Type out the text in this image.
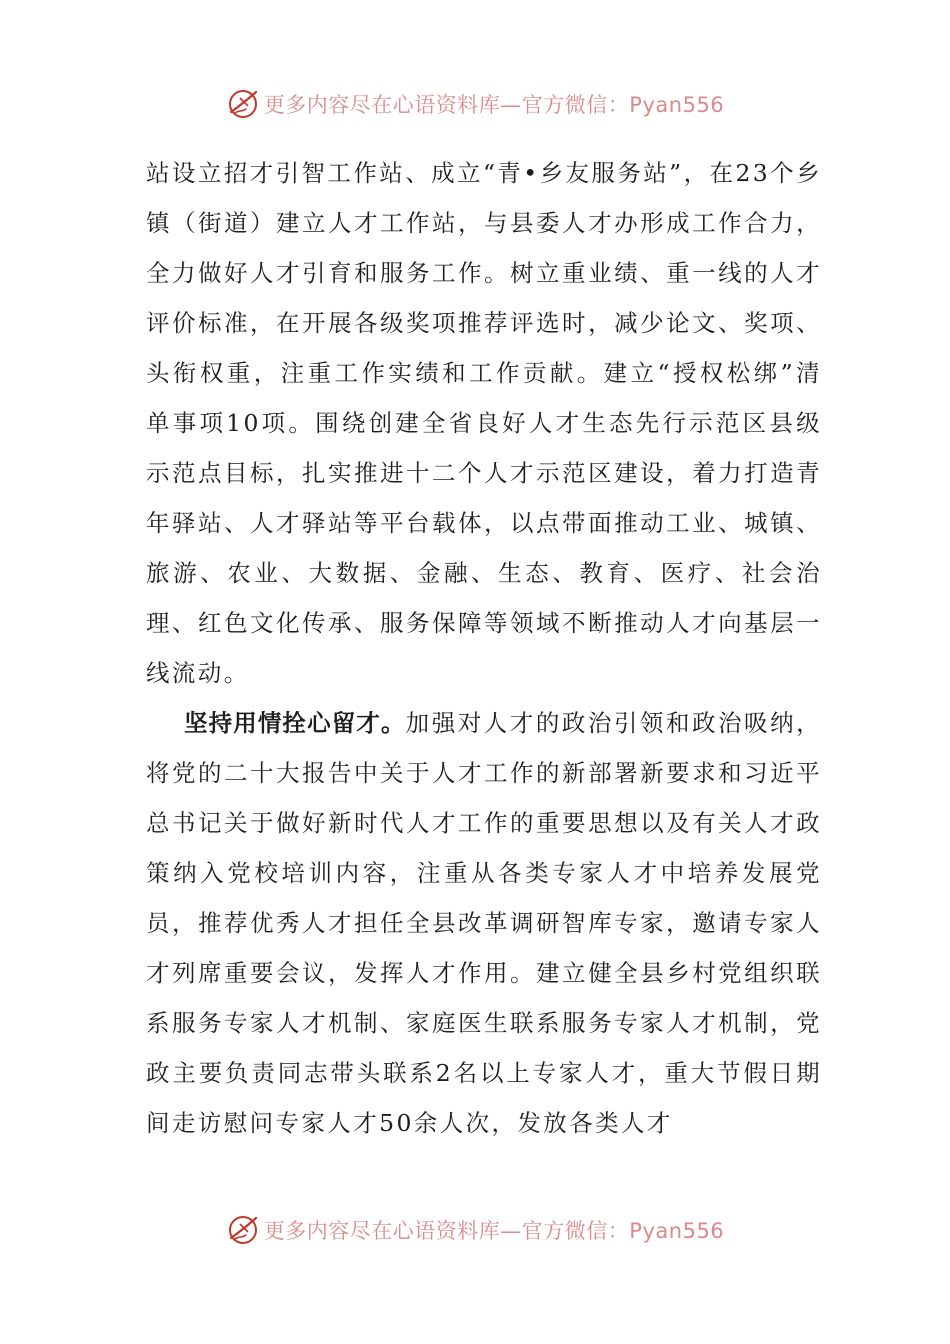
更多内容尽在心语资料库—官方微信：Pyan556

站设立招才引智工作站、成立“青•乡友服务站”，在23个乡镇（街道）建立人才工作站，与县委人才办形成工作合力，全力做好人才引育和服务工作。树立重业绩、重一线的人才评价标准，在开展各级奖项推荐评选时，减少论文、奖项、头衔权重，注重工作实绩和工作贡献。建立“授权松绑”清单事项10项。围绕创建全省良好人才生态先行示范区县级示范点目标，扎实推进十二个人才示范区建设，着力打造青年驿站、人才驿站等平台载体，以点带面推动工业、城镇、旅游、农业、大数据、金融、生态、教育、医疗、社会治理、红色文化传承、服务保障等领域不断推动人才向基层一线流动。

坚持用情拴心留才。加强对人才的政治引领和政治吸纳，将党的二十大报告中关于人才工作的新部署新要求和习近平总书记关于做好新时代人才工作的重要思想以及有关人才政策纳入党校培训内容，注重从各类专家人才中培养发展党员，推荐优秀人才担任全县改革调研智库专家，邀请专家人才列席重要会议，发挥人才作用。建立健全县乡村党组织联系服务专家人才机制、家庭医生联系服务专家人才机制，党政主要负责同志带头联系2名以上专家人才，重大节假日期间走访慰问专家人才50余人次，发放各类人才

更多内容尽在心语资料库—官方微信：Pyan556
